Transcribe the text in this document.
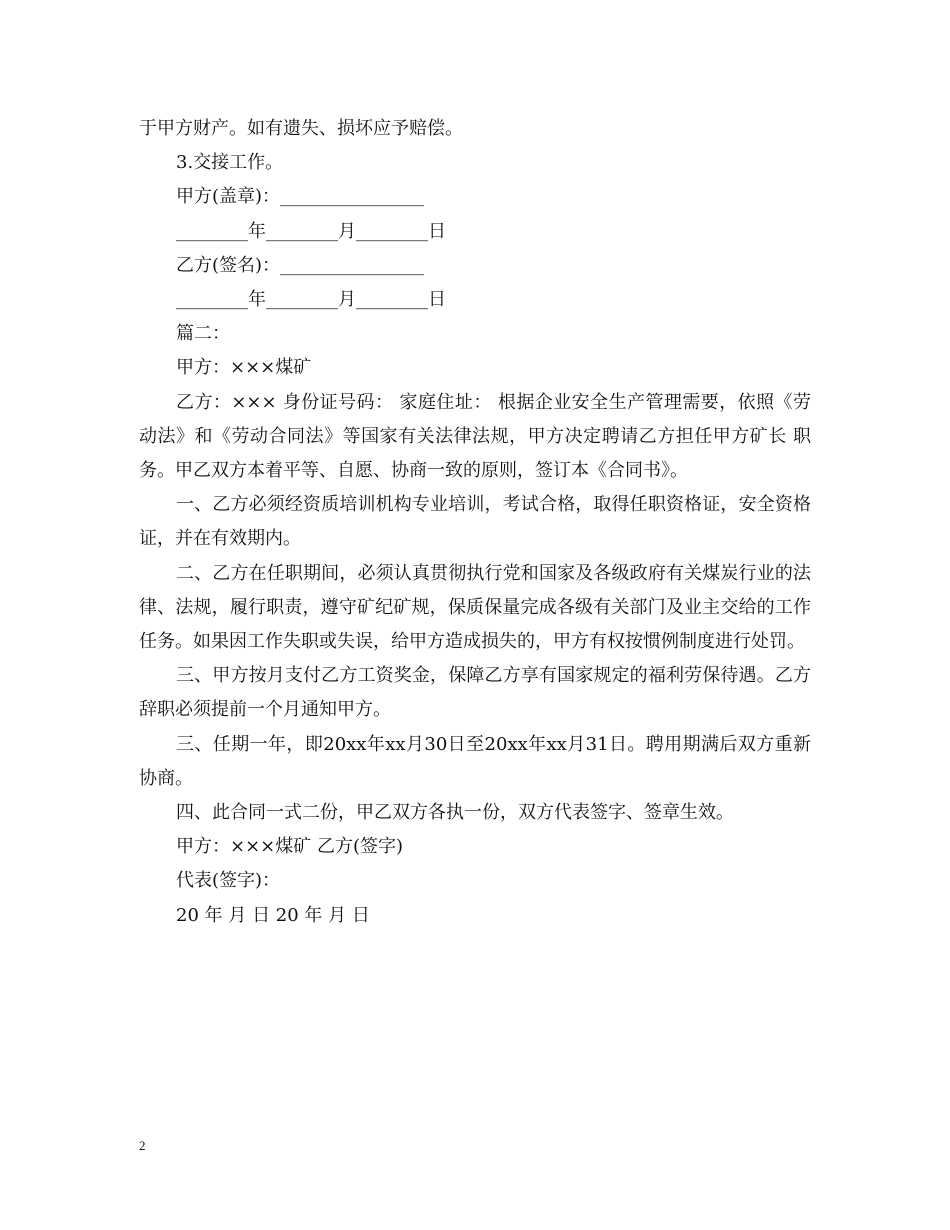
于甲方财产。如有遗失、损坏应予赔偿。
3.交接工作。
甲方(盖章)：________________
________年________月________日
乙方(签名)：________________
________年________月________日
篇二：
甲方：×××煤矿

乙方：××× 身份证号码： 家庭住址： 根据企业安全生产管理需要，依照《劳动法》和《劳动合同法》等国家有关法律法规，甲方决定聘请乙方担任甲方矿长 职务。甲乙双方本着平等、自愿、协商一致的原则，签订本《合同书》。

一、乙方必须经资质培训机构专业培训，考试合格，取得任职资格证，安全资格证，并在有效期内。

二、乙方在任职期间，必须认真贯彻执行党和国家及各级政府有关煤炭行业的法律、法规，履行职责，遵守矿纪矿规，保质保量完成各级有关部门及业主交给的工作任务。如果因工作失职或失误，给甲方造成损失的，甲方有权按惯例制度进行处罚。

三、甲方按月支付乙方工资奖金，保障乙方享有国家规定的福利劳保待遇。乙方辞职必须提前一个月通知甲方。

三、任期一年，即20xx年xx月30日至20xx年xx月31日。聘用期满后双方重新协商。

四、此合同一式二份，甲乙双方各执一份，双方代表签字、签章生效。
甲方：×××煤矿 乙方(签字)
代表(签字)：
20 年 月 日 20 年 月 日
2
